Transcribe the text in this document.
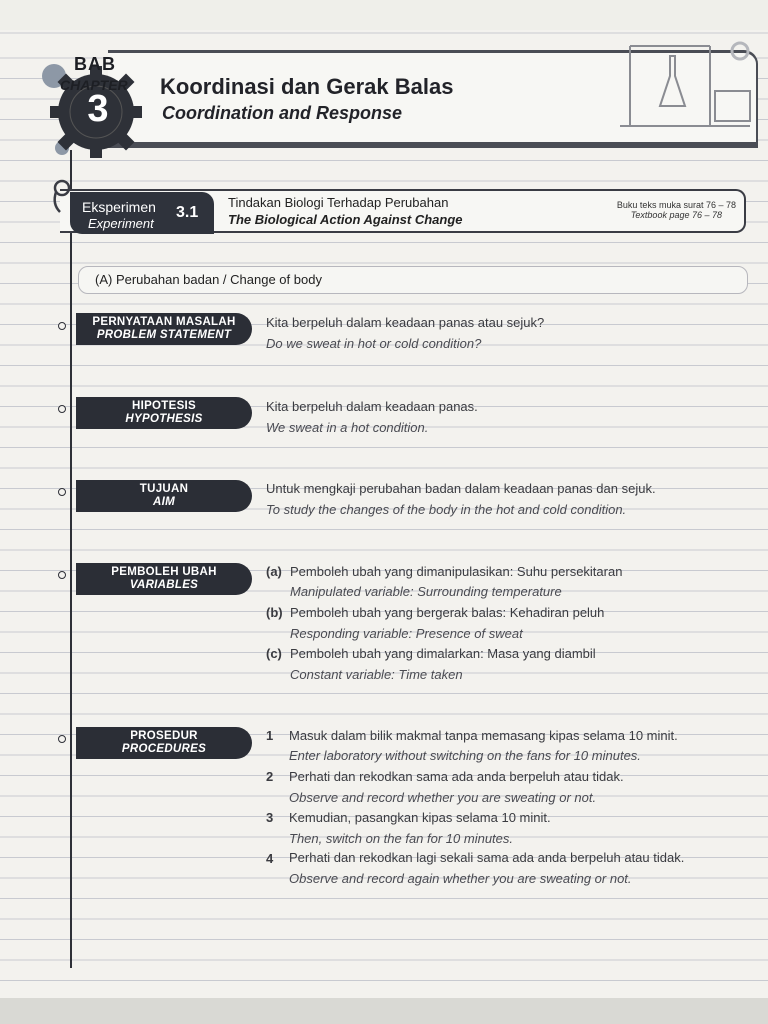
BAB
CHAPTER
3
Koordinasi dan Gerak Balas
Coordination and Response
Eksperimen
Experiment
3.1
Tindakan Biologi Terhadap Perubahan
The Biological Action Against Change
Buku teks muka surat 76 – 78
Textbook page 76 – 78
(A) Perubahan badan / Change of body
PERNYATAAN MASALAH
PROBLEM STATEMENT
Kita berpeluh dalam keadaan panas atau sejuk?
Do we sweat in hot or cold condition?
HIPOTESIS
HYPOTHESIS
Kita berpeluh dalam keadaan panas.
We sweat in a hot condition.
TUJUAN
AIM
Untuk mengkaji perubahan badan dalam keadaan panas dan sejuk.
To study the changes of the body in the hot and cold condition.
PEMBOLEH UBAH
VARIABLES
(a) Pemboleh ubah yang dimanipulasikan: Suhu persekitaran
Manipulated variable: Surrounding temperature
(b) Pemboleh ubah yang bergerak balas: Kehadiran peluh
Responding variable: Presence of sweat
(c) Pemboleh ubah yang dimalarkan: Masa yang diambil
Constant variable: Time taken
PROSEDUR
PROCEDURES
1 Masuk dalam bilik makmal tanpa memasang kipas selama 10 minit.
Enter laboratory without switching on the fans for 10 minutes.
2 Perhati dan rekodkan sama ada anda berpeluh atau tidak.
Observe and record whether you are sweating or not.
3 Kemudian, pasangkan kipas selama 10 minit.
Then, switch on the fan for 10 minutes.
4 Perhati dan rekodkan lagi sekali sama ada anda berpeluh atau tidak.
Observe and record again whether you are sweating or not.
